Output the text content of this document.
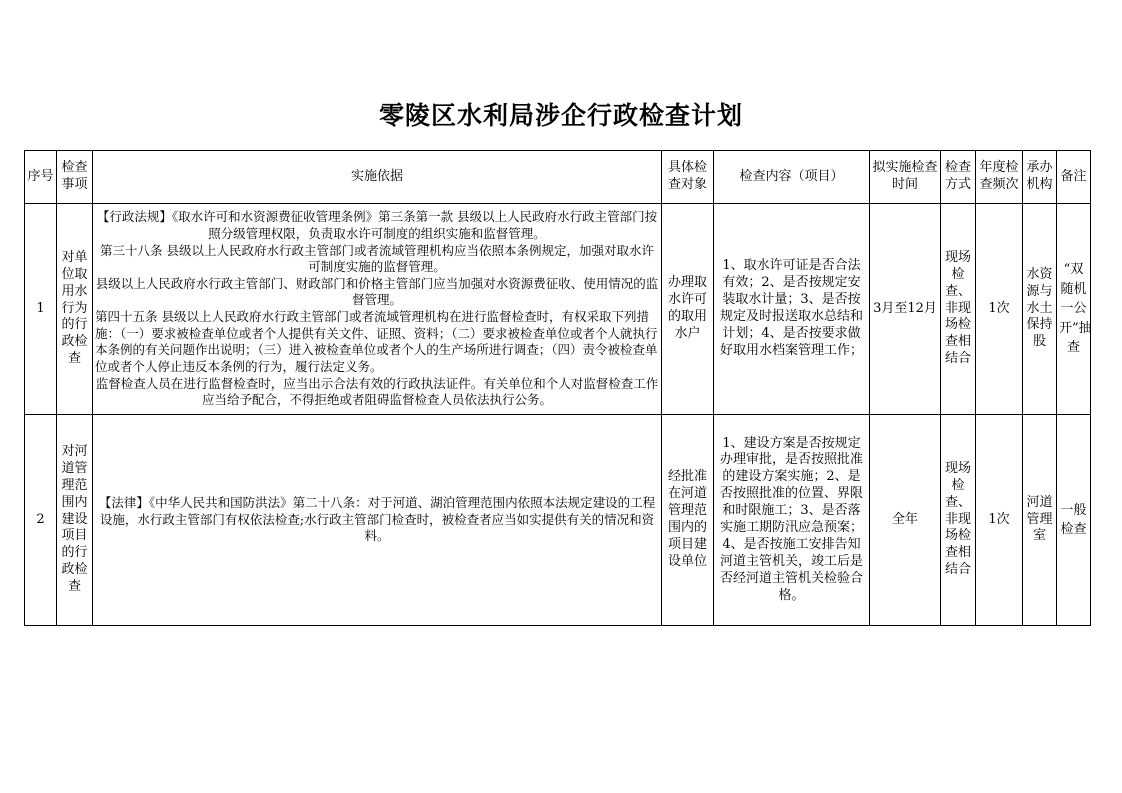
零陵区水利局涉企行政检查计划
序号	检查事项	实施依据	具体检查对象	检查内容（项目）	拟实施检查时间	检查方式	年度检查频次	承办机构	备注
1	对单位取用水行为的行政检查	【行政法规】《取水许可和水资源费征收管理条例》第三条第一款 县级以上人民政府水行政主管部门按照分级管理权限，负责取水许可制度的组织实施和监督管理。

第三十八条 县级以上人民政府水行政主管部门或者流域管理机构应当依照本条例规定，加强对取水许可制度实施的监督管理。

县级以上人民政府水行政主管部门、财政部门和价格主管部门应当加强对水资源费征收、使用情况的监督管理。

第四十五条 县级以上人民政府水行政主管部门或者流域管理机构在进行监督检查时，有权采取下列措施：（一）要求被检查单位或者个人提供有关文件、证照、资料；（二）要求被检查单位或者个人就执行本条例的有关问题作出说明；（三）进入被检查单位或者个人的生产场所进行调查；（四）责令被检查单位或者个人停止违反本条例的行为，履行法定义务。

监督检查人员在进行监督检查时，应当出示合法有效的行政执法证件。有关单位和个人对监督检查工作应当给予配合，不得拒绝或者阻碍监督检查人员依法执行公务。	办理取水许可的取用水户	1、取水许可证是否合法有效；2、是否按规定安装取水计量；3、是否按规定及时报送取水总结和计划；4、是否按要求做好取用水档案管理工作；	3月至12月	现场检查、非现场检查相结合	1次	水资源与水土保持股	“双随机一公开”抽查
2	对河道管理范围内建设项目的行政检查	【法律】《中华人民共和国防洪法》第二十八条：对于河道、湖泊管理范围内依照本法规定建设的工程设施，水行政主管部门有权依法检查;水行政主管部门检查时，被检查者应当如实提供有关的情况和资料。	经批准在河道管理范围内的项目建设单位	1、建设方案是否按规定办理审批，是否按照批准的建设方案实施；2、是否按照批准的位置、界限和时限施工；3、是否落实施工期防汛应急预案；4、是否按施工安排告知河道主管机关，竣工后是否经河道主管机关检验合格。	全年	现场检查、非现场检查相结合	1次	河道管理室	一般检查
